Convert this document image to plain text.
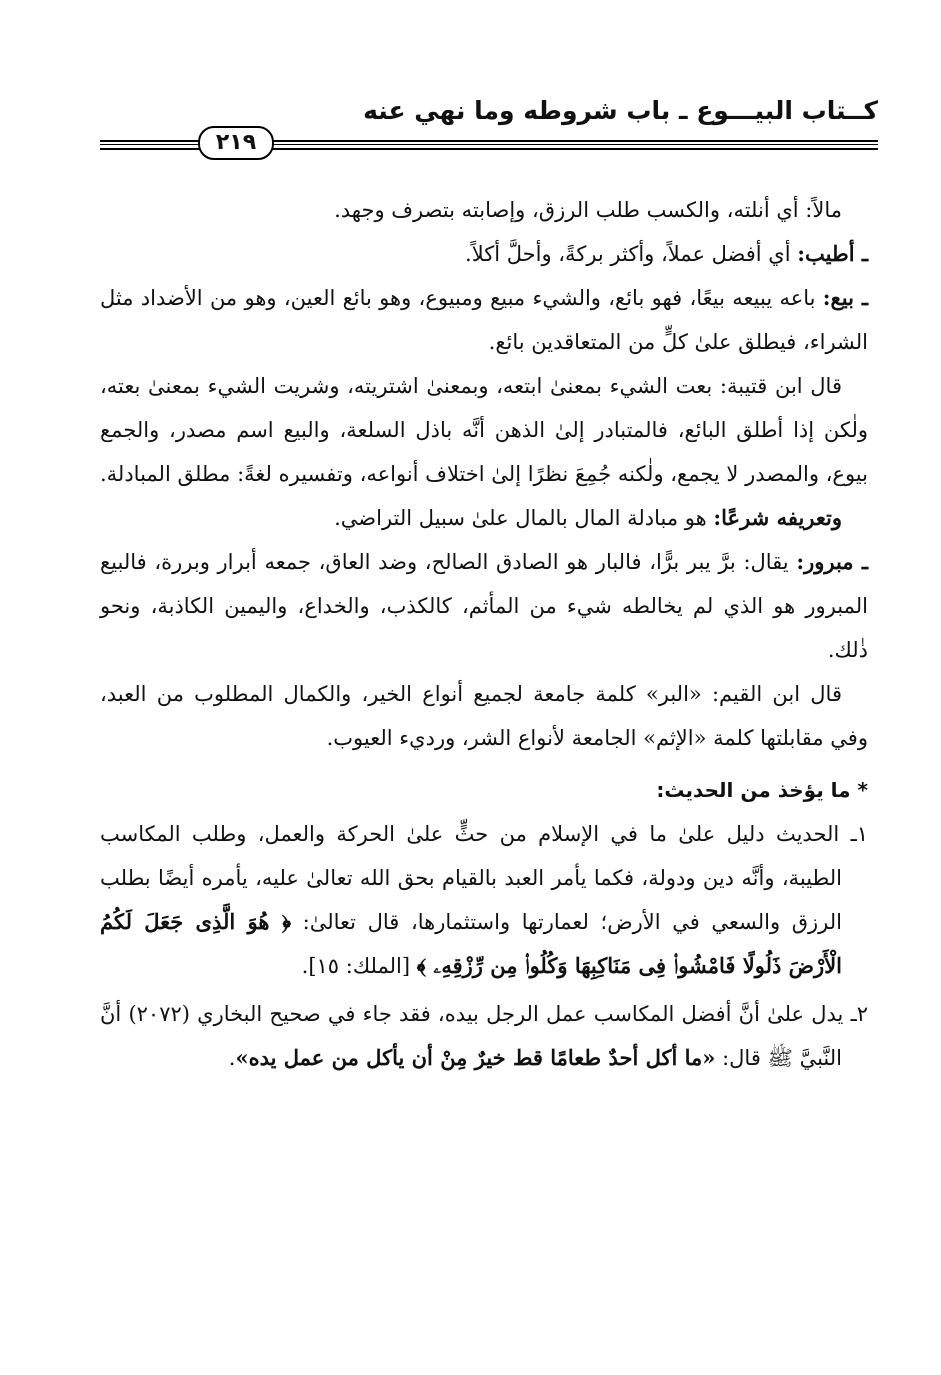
كــتاب البيـــوع ـ باب شروطه وما نهي عنه
٢١٩

مالاً: أي أنلته، والكسب طلب الرزق، وإصابته بتصرف وجهد.

ـ أطيب: أي أفضل عملاً، وأكثر بركةً، وأحلَّ أكلاً.

ـ بيع: باعه يبيعه بيعًا، فهو بائع، والشيء مبيع ومبيوع، وهو بائع العين، وهو من الأضداد مثل الشراء، فيطلق علىٰ كلٍّ من المتعاقدين بائع.

قال ابن قتيبة: بعت الشيء بمعنىٰ ابتعه، وبمعنىٰ اشتريته، وشريت الشيء بمعنىٰ بعته، ولٰكن إذا أطلق البائع، فالمتبادر إلىٰ الذهن أنَّه باذل السلعة، والبيع اسم مصدر، والجمع بيوع، والمصدر لا يجمع، ولٰكنه جُمِعَ نظرًا إلىٰ اختلاف أنواعه، وتفسيره لغةً: مطلق المبادلة.

وتعريفه شرعًا: هو مبادلة المال بالمال علىٰ سبيل التراضي.

ـ مبرور: يقال: برَّ يبر برًّا، فالبار هو الصادق الصالح، وضد العاق، جمعه أبرار وبررة، فالبيع المبرور هو الذي لم يخالطه شيء من المأثم، كالكذب، والخداع، واليمين الكاذبة، ونحو ذٰلك.

قال ابن القيم: «البر» كلمة جامعة لجميع أنواع الخير، والكمال المطلوب من العبد، وفي مقابلتها كلمة «الإثم» الجامعة لأنواع الشر، ورديء العيوب.

* ما يؤخذ من الحديث:

١ـ الحديث دليل علىٰ ما في الإسلام من حثٍّ علىٰ الحركة والعمل، وطلب المكاسب الطيبة، وأنَّه دين ودولة، فكما يأمر العبد بالقيام بحق الله تعالىٰ عليه، يأمره أيضًا بطلب الرزق والسعي في الأرض؛ لعمارتها واستثمارها، قال تعالىٰ: ﴿ هُوَ الَّذِى جَعَلَ لَكُمُ الْأَرْضَ ذَلُولًا فَامْشُوا۟ فِى مَنَاكِبِهَا وَكُلُوا۟ مِن رِّزْقِهِۦ ﴾ [الملك: ١٥].

٢ـ يدل علىٰ أنَّ أفضل المكاسب عمل الرجل بيده، فقد جاء في صحيح البخاري (٢٠٧٢) أنَّ النَّبيَّ ﷺ قال: «ما أكل أحدٌ طعامًا قط خيرٌ مِنْ أن يأكل من عمل يده».
